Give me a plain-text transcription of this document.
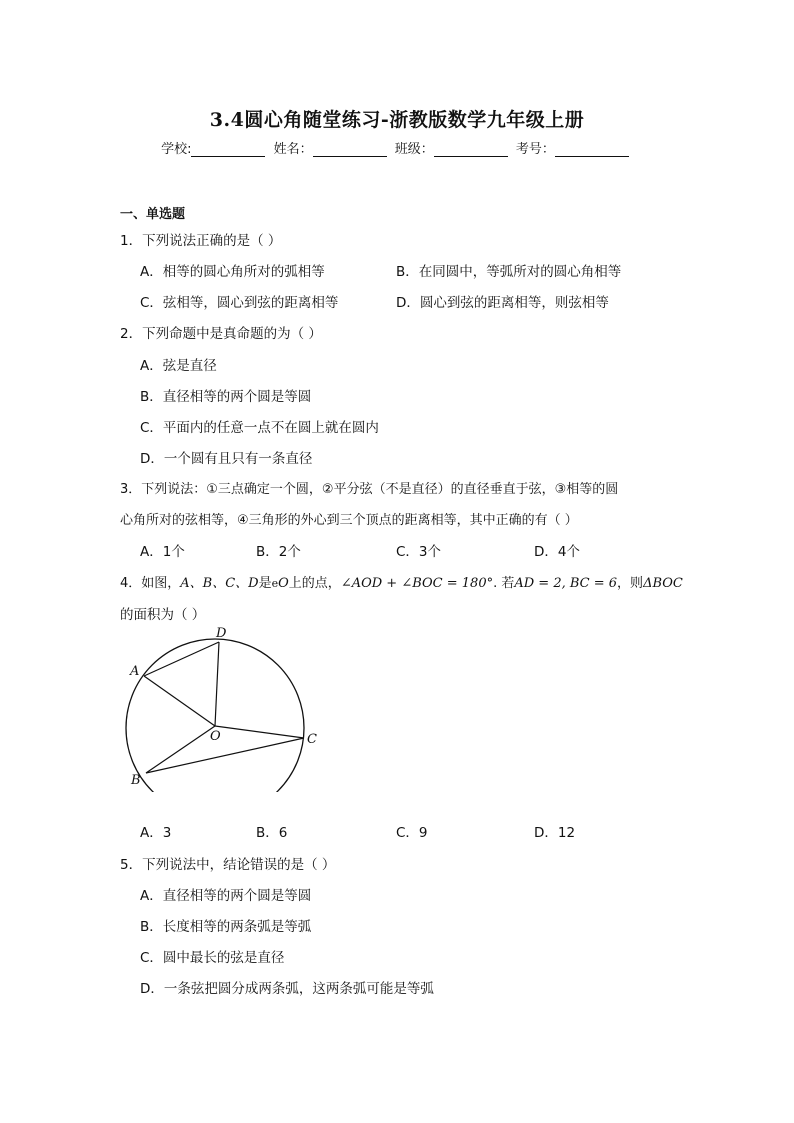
3.4圆心角随堂练习-浙教版数学九年级上册
学校:	姓名：	班级：	考号：
一、单选题
1．下列说法正确的是（ ）
A．相等的圆心角所对的弧相等	B．在同圆中，等弧所对的圆心角相等
C．弦相等，圆心到弦的距离相等	D．圆心到弦的距离相等，则弦相等
2．下列命题中是真命题的为（ ）
A．弦是直径
B．直径相等的两个圆是等圆
C．平面内的任意一点不在圆上就在圆内
D．一个圆有且只有一条直径
3．下列说法：①三点确定一个圆，②平分弦（不是直径）的直径垂直于弦，③相等的圆
心角所对的弦相等，④三角形的外心到三个顶点的距离相等，其中正确的有（ ）
A．1个	B．2个	C．3个	D．4个
4．如图，A、B、C、D是eO上的点，∠AOD + ∠BOC = 180°. 若AD = 2, BC = 6，则ΔBOC
的面积为（ ）
D
A
O	C
B
A．3	B．6	C．9	D．12
5．下列说法中，结论错误的是（ ）
A．直径相等的两个圆是等圆
B．长度相等的两条弧是等弧
C．圆中最长的弦是直径
D．一条弦把圆分成两条弧，这两条弧可能是等弧
